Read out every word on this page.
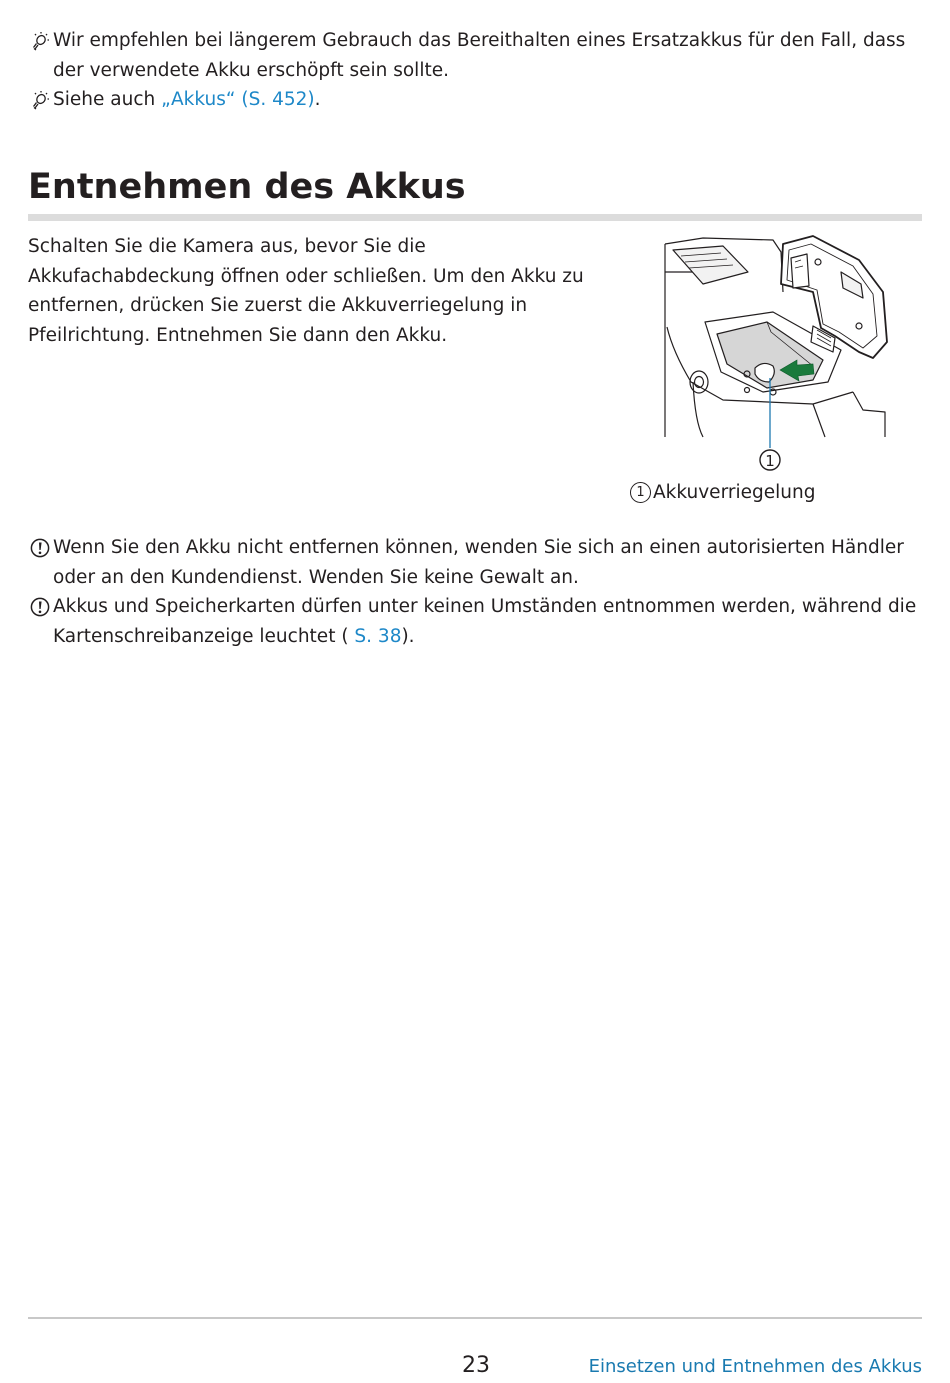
Wir empfehlen bei längerem Gebrauch das Bereithalten eines Ersatzakkus für den Fall, dass der verwendete Akku erschöpft sein sollte.
Siehe auch „Akkus“ (S. 452).
Entnehmen des Akkus

Schalten Sie die Kamera aus, bevor Sie die Akkufachabdeckung öffnen oder schließen. Um den Akku zu entfernen, drücken Sie zuerst die Akkuverriegelung in Pfeilrichtung. Entnehmen Sie dann den Akku.

1
1 Akkuverriegelung
Wenn Sie den Akku nicht entfernen können, wenden Sie sich an einen autorisierten Händler oder an den Kundendienst. Wenden Sie keine Gewalt an.
Akkus und Speicherkarten dürfen unter keinen Umständen entnommen werden, während die Kartenschreibanzeige leuchtet ( S. 38).
23	Einsetzen und Entnehmen des Akkus
